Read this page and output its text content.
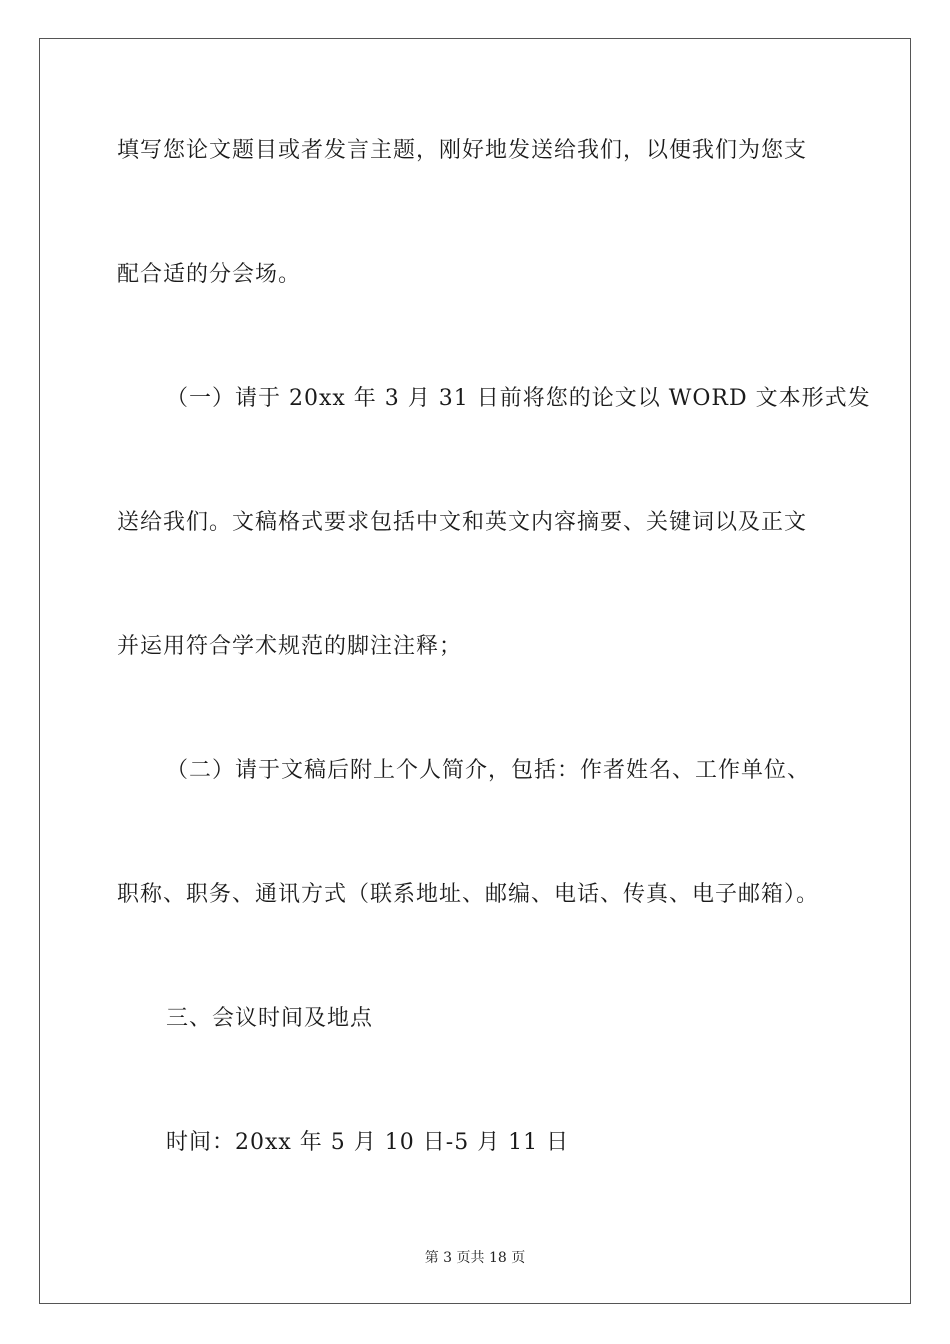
填写您论文题目或者发言主题，刚好地发送给我们，以便我们为您支
配合适的分会场。
（一）请于 20xx 年 3 月 31 日前将您的论文以 WORD 文本形式发
送给我们。文稿格式要求包括中文和英文内容摘要、关键词以及正文
并运用符合学术规范的脚注注释；
（二）请于文稿后附上个人简介，包括：作者姓名、工作单位、
职称、职务、通讯方式（联系地址、邮编、电话、传真、电子邮箱）。
三、会议时间及地点
时间：20xx 年 5 月 10 日-5 月 11 日
第 3 页共 18 页
